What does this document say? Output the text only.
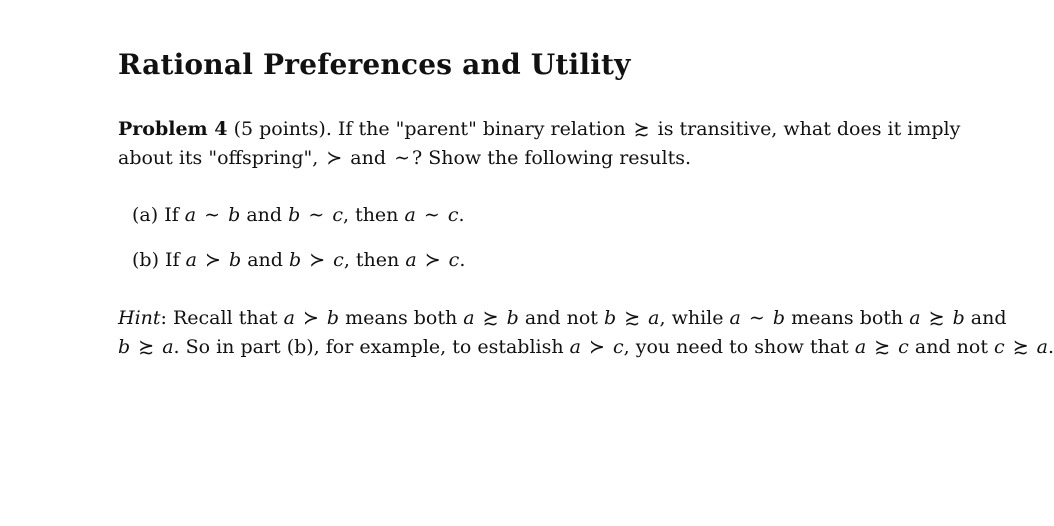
Rational Preferences and Utility
Problem 4 (5 points). If the "parent" binary relation ≿ is transitive, what does it imply
about its "offspring", ≻ and ∼ ? Show the following results.
(a) If a ∼ b and b ∼ c, then a ∼ c.
(b) If a ≻ b and b ≻ c, then a ≻ c.
Hint: Recall that a ≻ b means both a ≿ b and not b ≿ a, while a ∼ b means both a ≿ b and
b ≿ a. So in part (b), for example, to establish a ≻ c, you need to show that a ≿ c and not c ≿ a.
